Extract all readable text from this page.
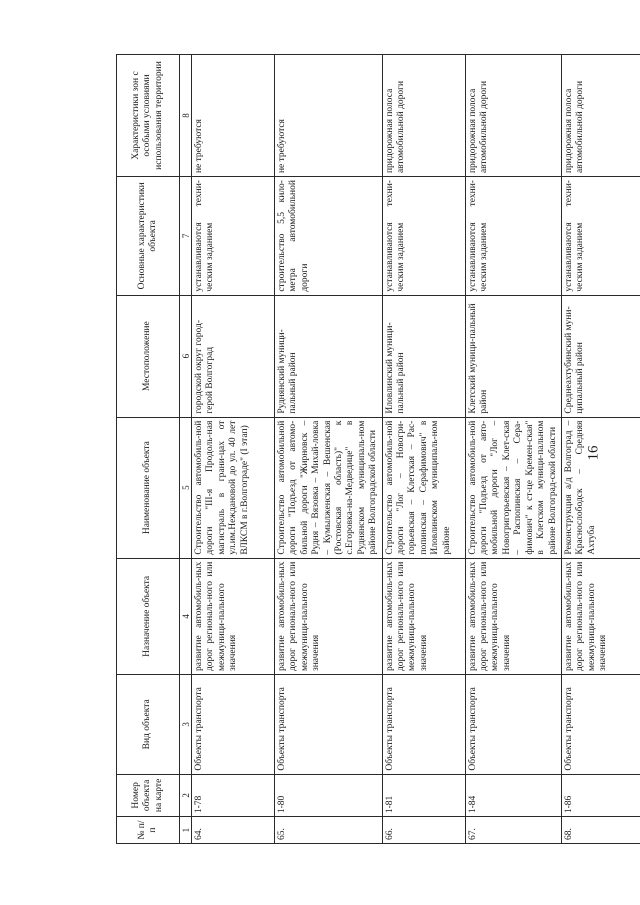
16
№ п/п	Номер объекта на карте	Вид объекта	Назначение объекта	Наименование объекта	Местоположение	Основные характеристики объекта	Характеристики зон с особыми условиями использования территории
1	2	3	4	5	6	7	8
64.	1-78	Объекты транспорта	развитие автомобиль-ных дорог региональ-ного или межмуници-пального значения	Строительство автомобиль-ной дороги "III-я Продоль-ная магистраль в грани-цах от ул.им.Неждановой до ул. 40 лет ВЛКСМ в г.Волгограде" (I этап)	городской округ город-герой Волгоград	устанавливаются техни-ческим заданием	не требуются
65.	1-80	Объекты транспорта	развитие автомобиль-ных дорог региональ-ного или межмуници-пального значения	Строительство автомобильной дороги "Подъезд от автомо-бильной дороги "Жирновск – Рудня – Вязовка – Михай-ловка – Кумылженская – Вешенская (Ростовская область)" к с.Егоровка-на-Медведице" в Руднянском муниципаль-ном районе Волгоградской области	Руднянский муници-пальный район	строительство 5,5 кило-метра автомобильной дороги	не требуются
66.	1-81	Объекты транспорта	развитие автомобиль-ных дорог региональ-ного или межмуници-пального значения	Строительство автомобиль-ной дороги "Лог – Новогри-горьевская – Клетская – Рас-попинская – Серафимович" в Иловлинском муниципаль-ном районе	Иловлинский муници-пальный район	устанавливаются техни-ческим заданием	придорожная полоса автомобильной дороги
67.	1-84	Объекты транспорта	развитие автомобиль-ных дорог региональ-ного или межмуници-пального значения	Строительство автомобиль-ной дороги "Подъезд от авто-мобильной дороги "Лог – Новогригорьевская – Клет-ская – Распопинская – Сера-фимович" к ст-це Кремен-ская" в Клетском муници-пальном районе Волгоград-ской области	Клетский муници-пальный район	устанавливаются техни-ческим заданием	придорожная полоса автомобильной дороги
68.	1-86	Объекты транспорта	развитие автомобиль-ных дорог региональ-ного или межмуници-пального значения	Реконструкция а/д Волгоград – Краснослободск – Средняя Ахтуба	Среднеахтубинский муни-ципальный район	устанавливаются техни-ческим заданием	придорожная полоса автомобильной дороги
